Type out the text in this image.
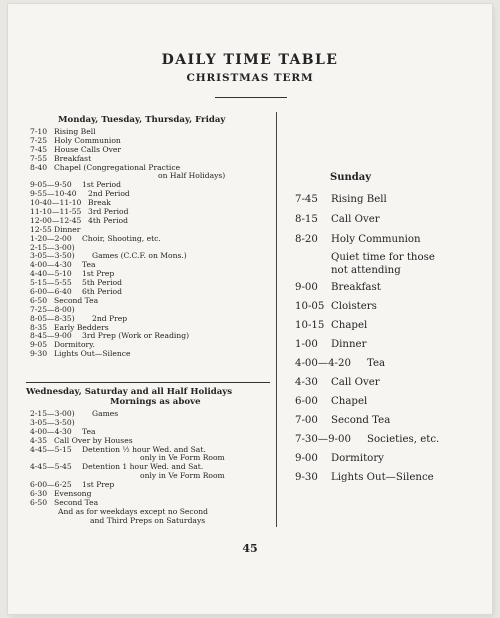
DAILY TIME TABLE
CHRISTMAS TERM
Monday, Tuesday, Thursday, Friday
7-10 Rising Bell
7-25 Holy Communion
7-45 House Calls Over
7-55 Breakfast
8-40 Chapel (Congregational Practice
on Half Holidays)
9-05—9-50 1st Period
9-55—10-40 2nd Period
10-40—11-10 Break
11-10—11-55 3rd Period
12-00—12-45 4th Period
12-55 Dinner
1-20—2-00 Choir, Shooting, etc.
2-15—3-00)
3-05—3-50) Games (C.C.F. on Mons.)
4-00—4-30 Tea
4-40—5-10 1st Prep
5-15—5-55 5th Period
6-00—6-40 6th Period
6-50 Second Tea
7-25—8-00)
8-05—8-35) 2nd Prep
8-35 Early Bedders
8-45—9-00 3rd Prep (Work or Reading)
9-05 Dormitory.
9-30 Lights Out—Silence
Wednesday, Saturday and all Half Holidays
Mornings as above
2-15—3-00) Games
3-05—3-50)
4-00—4-30 Tea
4-35 Call Over by Houses
4-45—5-15 Detention ½ hour Wed. and Sat.
only in Ve Form Room
4-45—5-45 Detention 1 hour Wed. and Sat.
only in Ve Form Room
6-00—6-25 1st Prep
6-30 Evensong
6-50 Second Tea
And as for weekdays except no Second
and Third Preps on Saturdays
Sunday
7-45 Rising Bell
8-15 Call Over
8-20 Holy Communion
Quiet time for those
not attending
9-00 Breakfast
10-05 Cloisters
10-15 Chapel
1-00 Dinner
4-00—4-20 Tea
4-30 Call Over
6-00 Chapel
7-00 Second Tea
7-30—9-00 Societies, etc.
9-00 Dormitory
9-30 Lights Out—Silence
45
